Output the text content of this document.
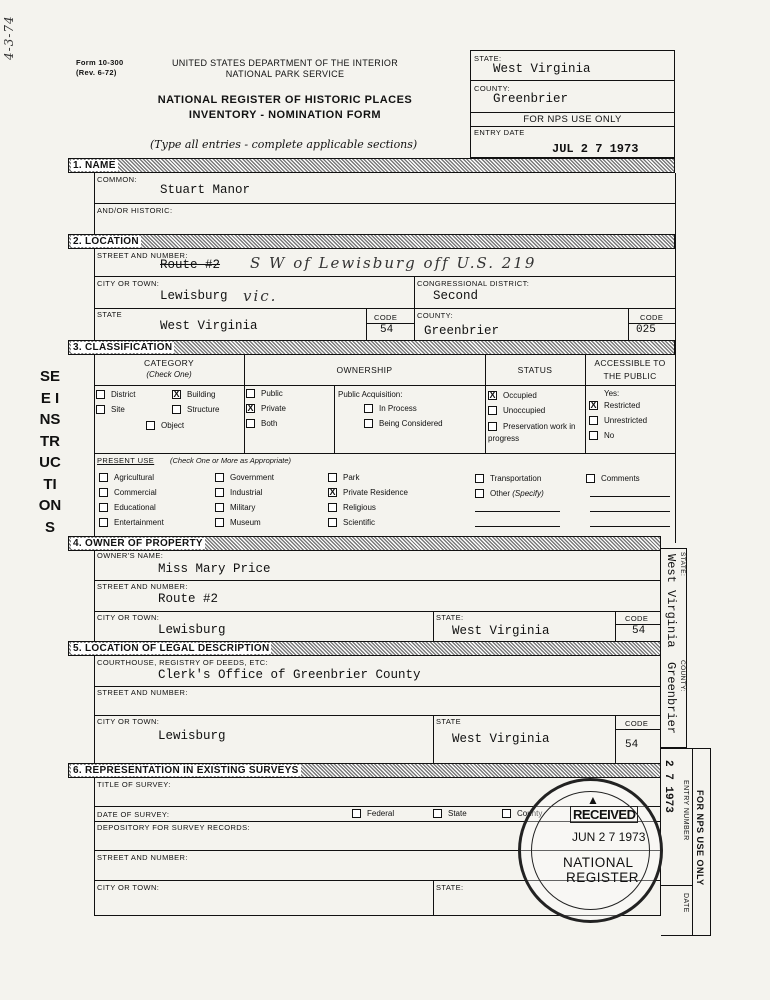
4-3-74
SEE INSTRUCTIONS
Form 10-300
(Rev. 6-72)
UNITED STATES DEPARTMENT OF THE INTERIOR
NATIONAL PARK SERVICE
NATIONAL REGISTER OF HISTORIC PLACES
INVENTORY - NOMINATION FORM
(Type all entries - complete applicable sections)
STATE:
West Virginia
COUNTY:
Greenbrier
FOR NPS USE ONLY
ENTRY DATE
JUL 2 7 1973
1. NAME
COMMON:
Stuart Manor
AND/OR HISTORIC:
2. LOCATION
STREET AND NUMBER:
Route #2 S W of Lewisburg off U.S. 219
CITY OR TOWN:
Lewisburg vic.
CONGRESSIONAL DISTRICT:
Second
STATE
West Virginia
CODE
54
COUNTY:
Greenbrier
CODE
025
3. CLASSIFICATION
CATEGORY
(Check One)	OWNERSHIP	STATUS
ACCESSIBLE TO THE PUBLIC
District	X Building
Site	Structure
Object
Public
X Private
Both
Public Acquisition:
In Process
Being Considered
X Occupied
Unoccupied
Preservation work in progress
Yes:
X Restricted
Unrestricted
No
PRESENT USE (Check One or More as Appropriate)
Agricultural
Commercial
Educational
Entertainment
Government
Industrial
Military
Museum
Park
X Private Residence
Religious
Scientific
Transportation
Other (Specify)
Comments
4. OWNER OF PROPERTY
OWNER'S NAME:
Miss Mary Price
STREET AND NUMBER:
Route #2
CITY OR TOWN:
Lewisburg
STATE:
West Virginia
CODE
54
5. LOCATION OF LEGAL DESCRIPTION
COURTHOUSE, REGISTRY OF DEEDS, ETC:
Clerk's Office of Greenbrier County
STREET AND NUMBER:
CITY OR TOWN:
Lewisburg
STATE
West Virginia
CODE
54
6. REPRESENTATION IN EXISTING SURVEYS
TITLE OF SURVEY:
DATE OF SURVEY:	Federal	State	County
DEPOSITORY FOR SURVEY RECORDS:
STREET AND NUMBER:
CITY OR TOWN:	STATE:
STATE:
West Virginia
COUNTY:
Greenbrier
FOR NPS USE ONLY
ENTRY NUMBER
DATE
2 7 1973
▲
RECEIVED
JUN 2 7 1973
NATIONAL
REGISTER
